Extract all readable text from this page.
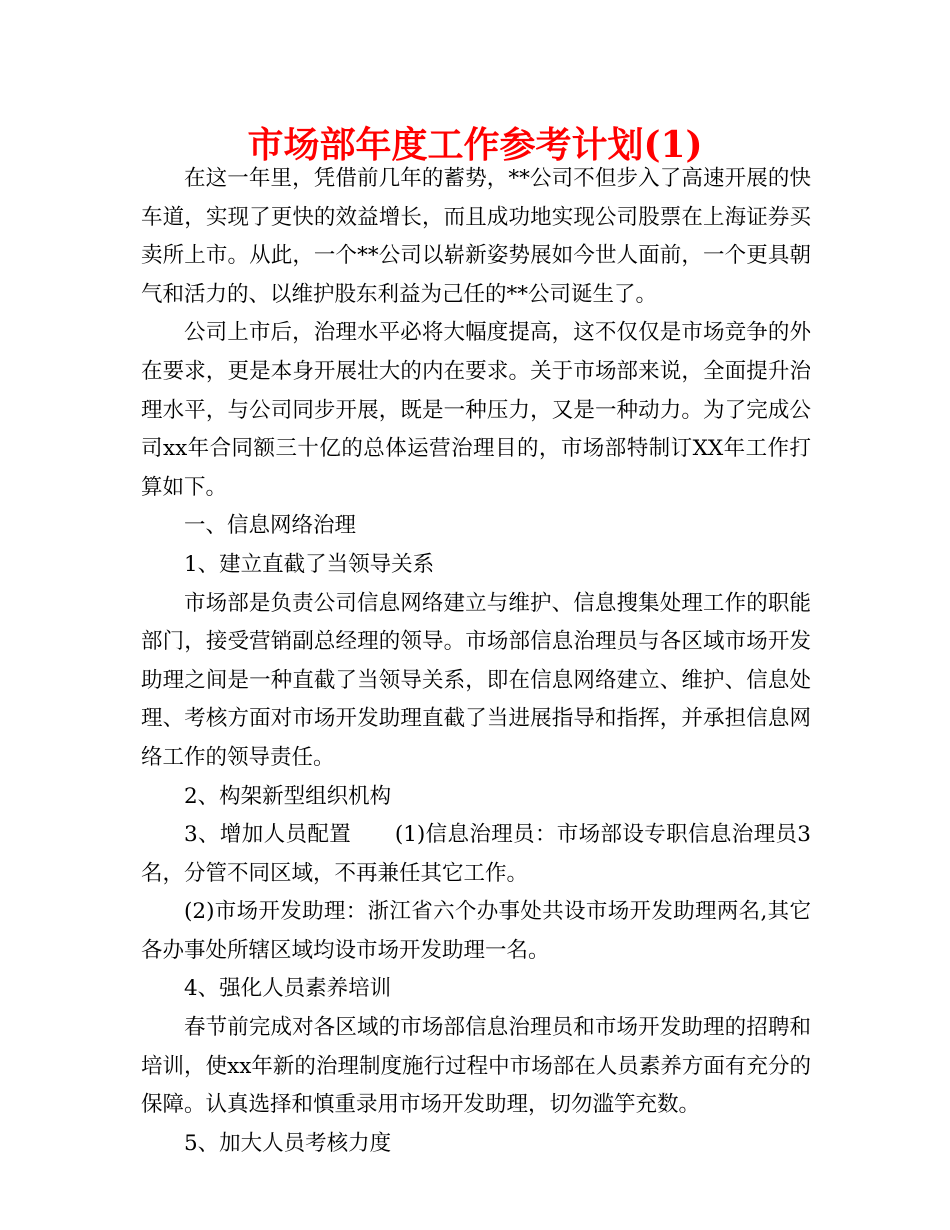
市场部年度工作参考计划(1)

在这一年里，凭借前几年的蓄势，**公司不但步入了高速开展的快车道，实现了更快的效益增长，而且成功地实现公司股票在上海证券买卖所上市。从此，一个**公司以崭新姿势展如今世人面前，一个更具朝气和活力的、以维护股东利益为己任的**公司诞生了。

公司上市后，治理水平必将大幅度提高，这不仅仅是市场竞争的外在要求，更是本身开展壮大的内在要求。关于市场部来说，全面提升治理水平，与公司同步开展，既是一种压力，又是一种动力。为了完成公司xx年合同额三十亿的总体运营治理目的，市场部特制订XX年工作打算如下。

一、信息网络治理

1、建立直截了当领导关系

市场部是负责公司信息网络建立与维护、信息搜集处理工作的职能部门，接受营销副总经理的领导。市场部信息治理员与各区域市场开发助理之间是一种直截了当领导关系，即在信息网络建立、维护、信息处理、考核方面对市场开发助理直截了当进展指导和指挥，并承担信息网络工作的领导责任。

2、构架新型组织机构

3、增加人员配置　　(1)信息治理员：市场部设专职信息治理员3名，分管不同区域，不再兼任其它工作。

(2)市场开发助理：浙江省六个办事处共设市场开发助理两名,其它各办事处所辖区域均设市场开发助理一名。

4、强化人员素养培训

春节前完成对各区域的市场部信息治理员和市场开发助理的招聘和培训，使xx年新的治理制度施行过程中市场部在人员素养方面有充分的保障。认真选择和慎重录用市场开发助理，切勿滥竽充数。

5、加大人员考核力度
